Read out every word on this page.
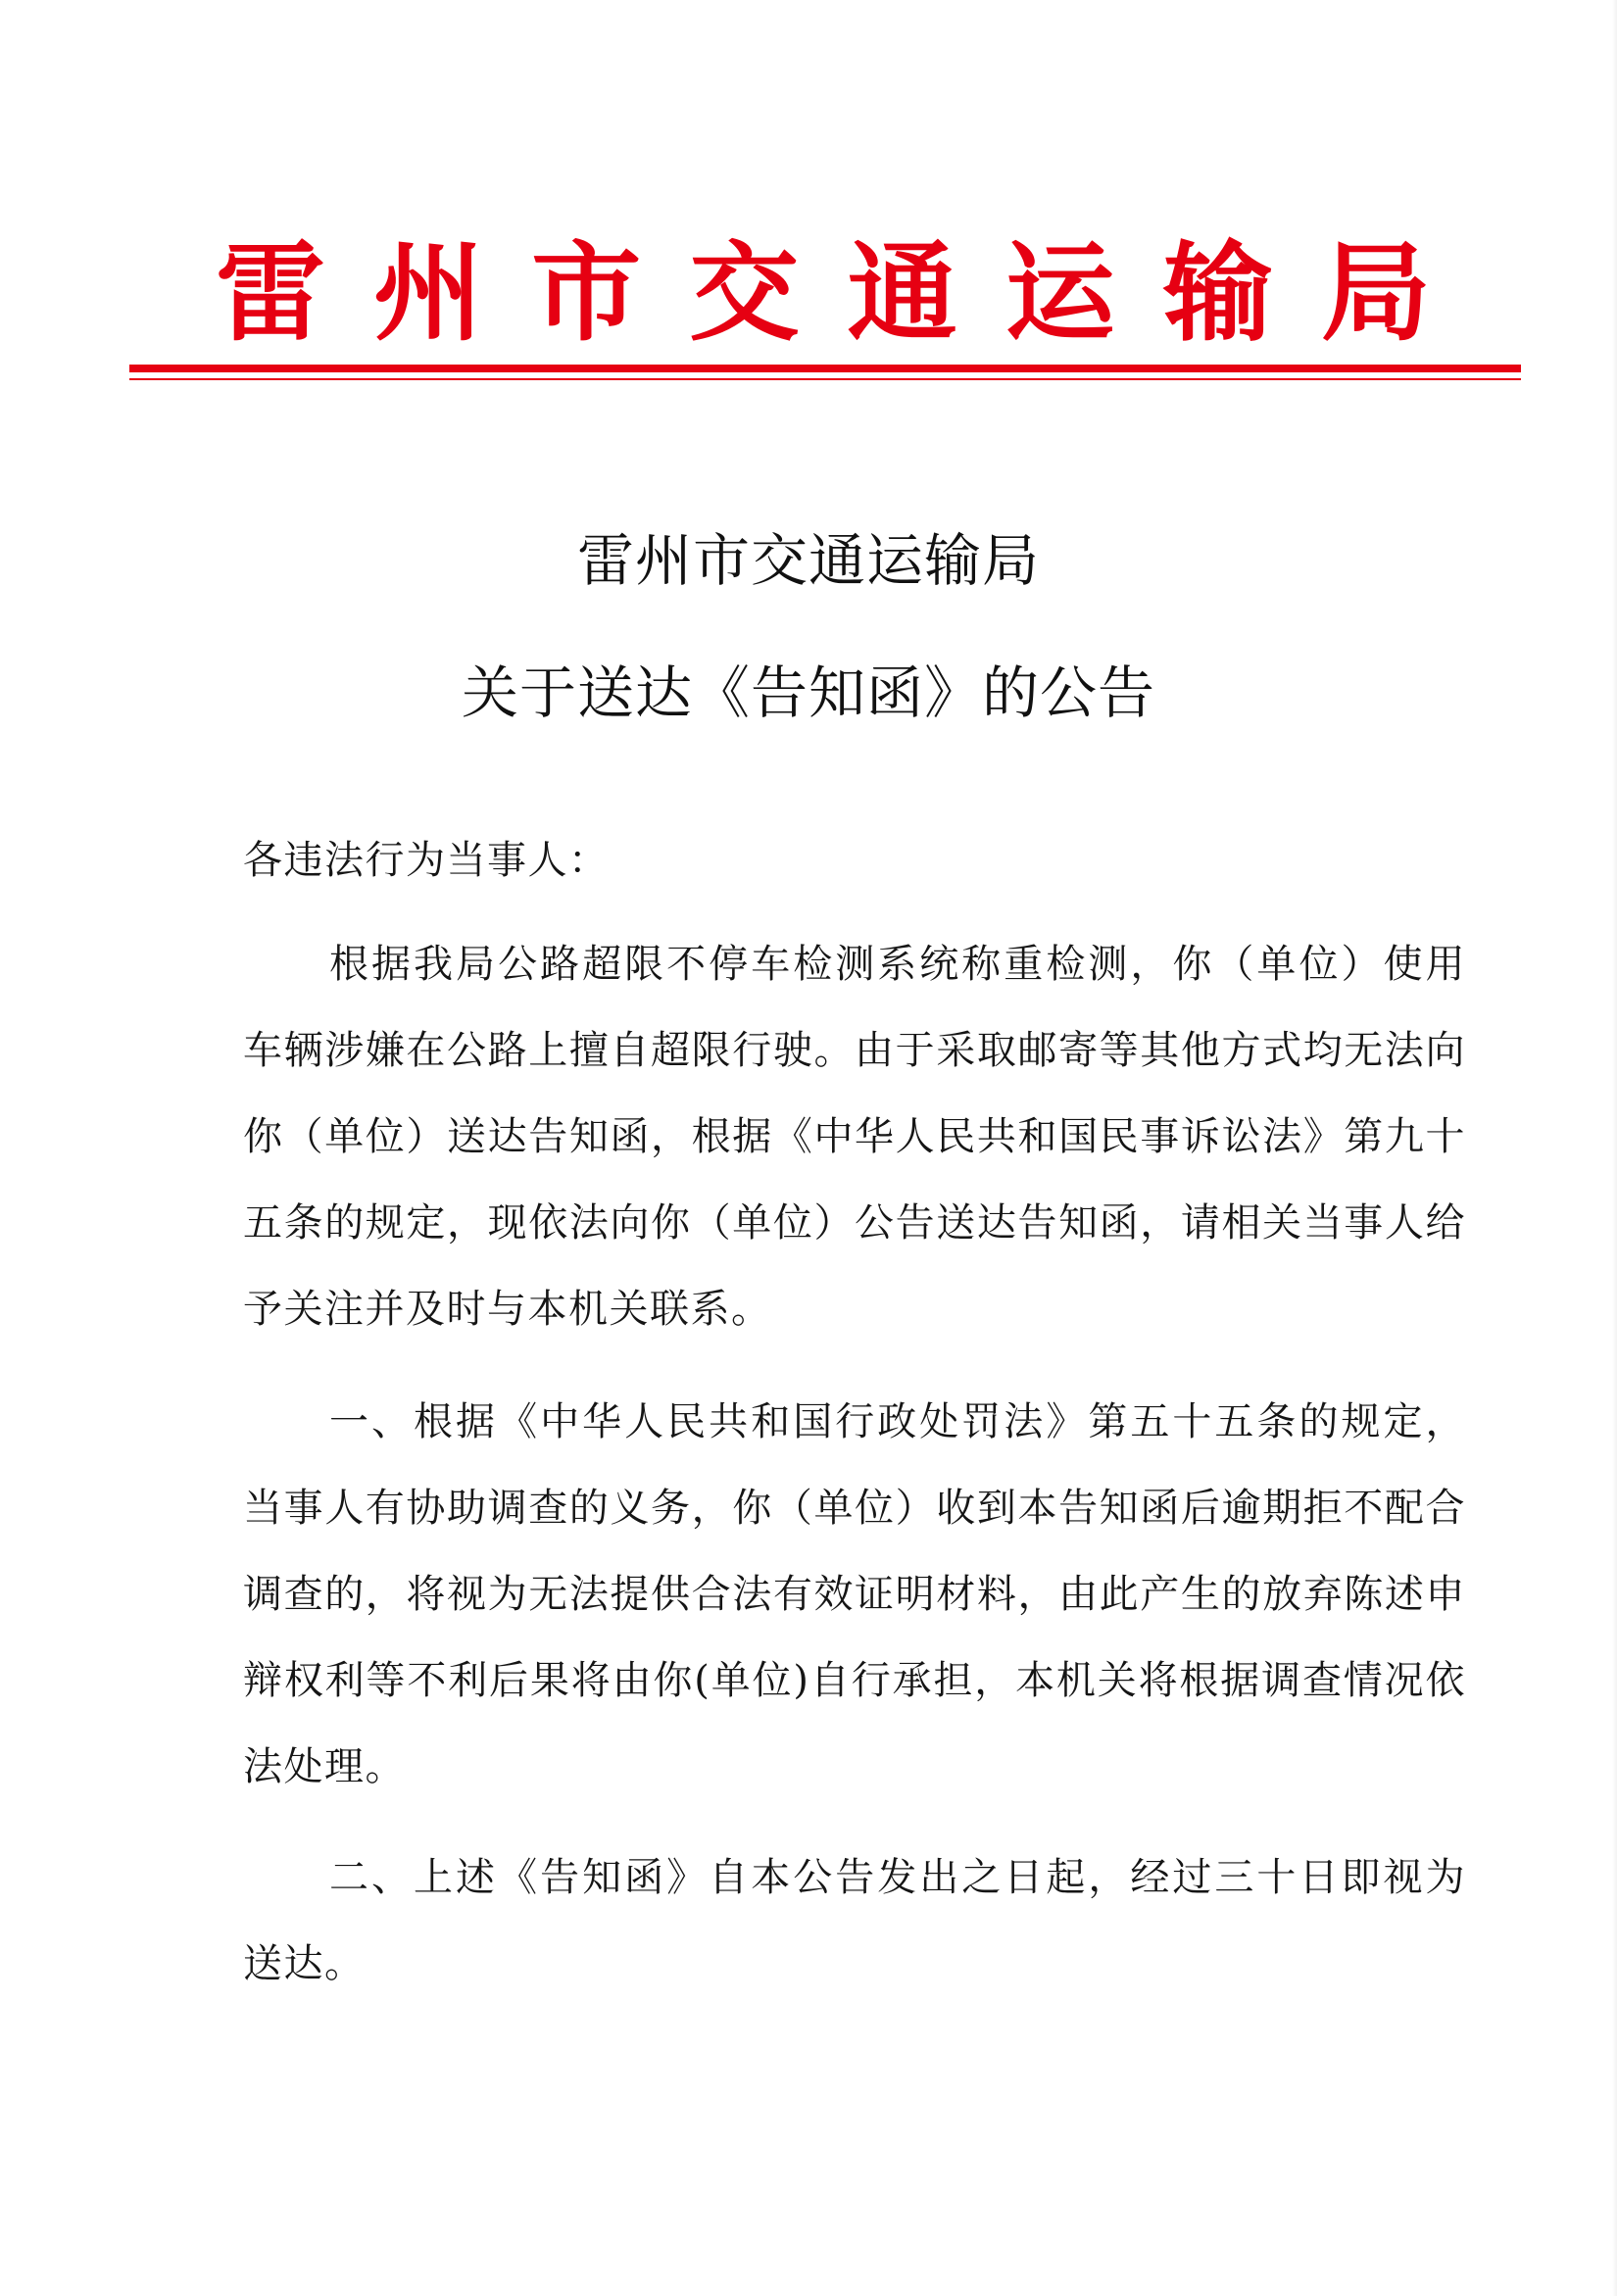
雷 州 市 交 通 运 输 局
雷州市交通运输局
关于送达《告知函》的公告

各违法行为当事人：

根据我局公路超限不停车检测系统称重检测，你（单位）使用车辆涉嫌在公路上擅自超限行驶。由于采取邮寄等其他方式均无法向你（单位）送达告知函，根据《中华人民共和国民事诉讼法》第九十五条的规定，现依法向你（单位）公告送达告知函，请相关当事人给予关注并及时与本机关联系。

一、根据《中华人民共和国行政处罚法》第五十五条的规定，当事人有协助调查的义务，你（单位）收到本告知函后逾期拒不配合调查的，将视为无法提供合法有效证明材料，由此产生的放弃陈述申辩权利等不利后果将由你(单位)自行承担，本机关将根据调查情况依法处理。

二、上述《告知函》自本公告发出之日起，经过三十日即视为送达。
